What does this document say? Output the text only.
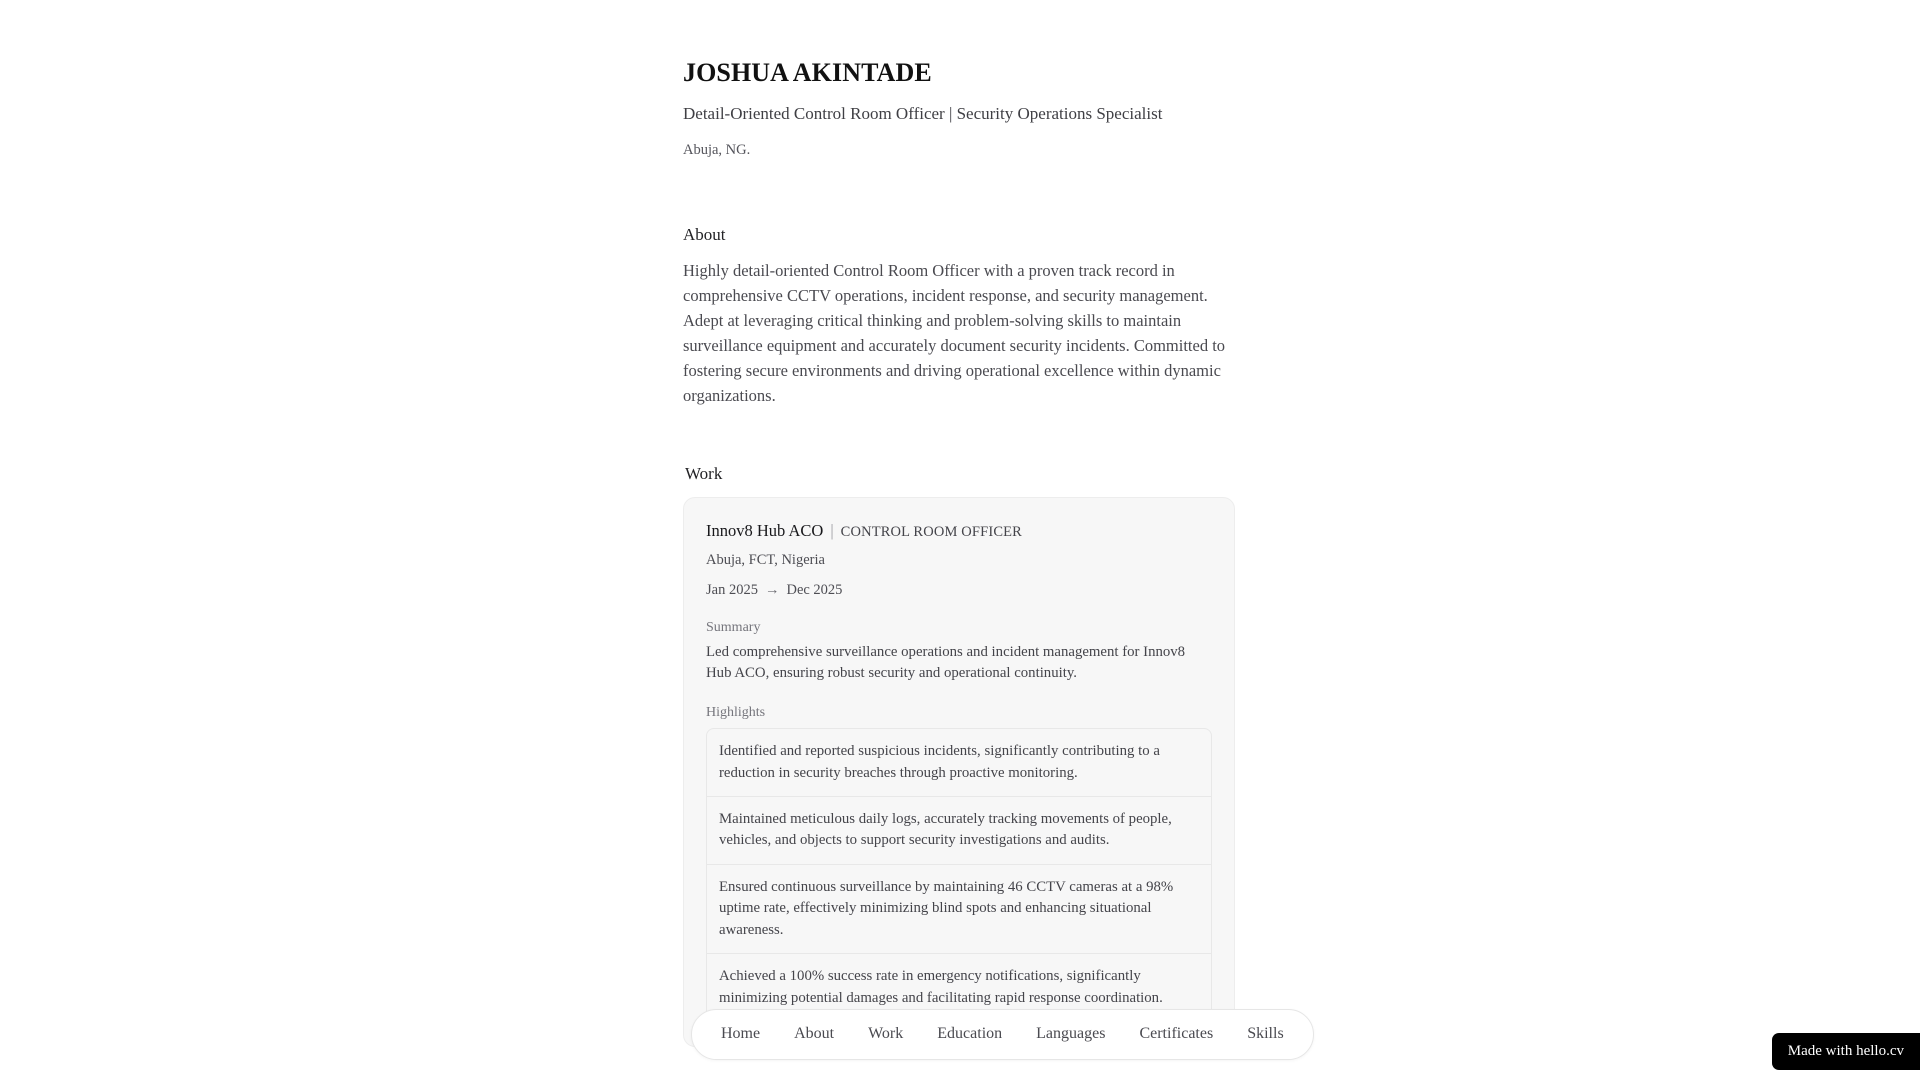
JOSHUA AKINTADE
Detail-Oriented Control Room Officer | Security Operations Specialist
Abuja, NG.
About

Highly detail-oriented Control Room Officer with a proven track record in comprehensive CCTV operations, incident response, and security management. Adept at leveraging critical thinking and problem-solving skills to maintain surveillance equipment and accurately document security incidents. Committed to fostering secure environments and driving operational excellence within dynamic organizations.

Work
Innov8 Hub ACO | CONTROL ROOM OFFICER
Abuja, FCT, Nigeria
Jan 2025 → Dec 2025
Summary

Led comprehensive surveillance operations and incident management for Innov8 Hub ACO, ensuring robust security and operational continuity.

Highlights
Identified and reported suspicious incidents, significantly contributing to a reduction in security breaches through proactive monitoring.
Maintained meticulous daily logs, accurately tracking movements of people, vehicles, and objects to support security investigations and audits.
Ensured continuous surveillance by maintaining 46 CCTV cameras at a 98% uptime rate, effectively minimizing blind spots and enhancing situational awareness.
Achieved a 100% success rate in emergency notifications, significantly minimizing potential damages and facilitating rapid response coordination.
Home	About	Work	Education	Languages	Certificates	Skills
Made with hello.cv
